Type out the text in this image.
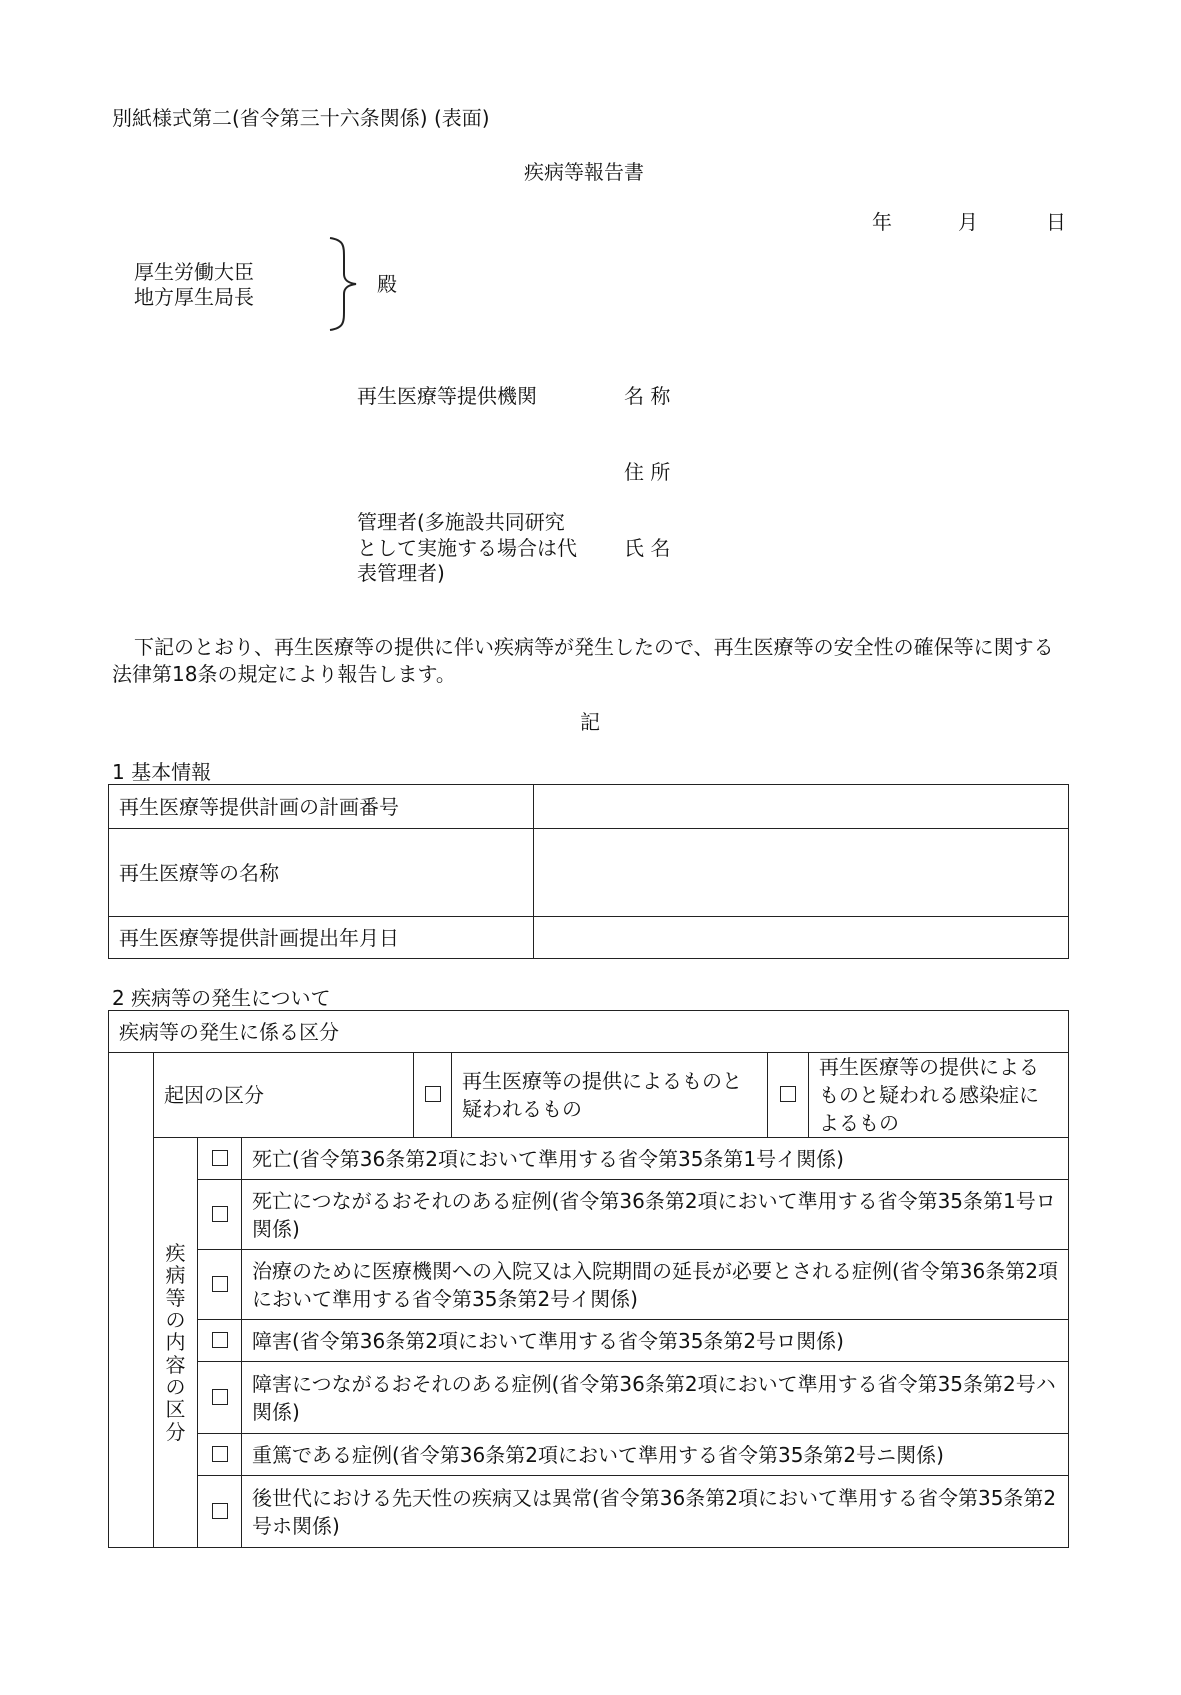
別紙様式第二(省令第三十六条関係) (表面)
疾病等報告書
年	月	日
厚生労働大臣
地方厚生局長
殿
再生医療等提供機関	名 称
住 所
管理者(多施設共同研究
として実施する場合は代
表管理者)
氏 名

下記のとおり、再生医療等の提供に伴い疾病等が発生したので、再生医療等の安全性の確保等に関する法律第18条の規定により報告します。

記
1 基本情報
再生医療等提供計画の計画番号	
再生医療等の名称	
再生医療等提供計画提出年月日	
2 疾病等の発生について
疾病等の発生に係る区分							
	起因の区分				再生医療等の提供によるものと疑われるもの		再生医療等の提供によるものと疑われる感染症によるもの

	疾病等の内容の区分		死亡(省令第36条第2項において準用する省令第35条第1号イ関係)				
			死亡につながるおそれのある症例(省令第36条第2項において準用する省令第35条第1号ロ関係)				
			治療のために医療機関への入院又は入院期間の延長が必要とされる症例(省令第36条第2項において準用する省令第35条第2号イ関係)				
			障害(省令第36条第2項において準用する省令第35条第2号ロ関係)				
			障害につながるおそれのある症例(省令第36条第2項において準用する省令第35条第2号ハ関係)				
			重篤である症例(省令第36条第2項において準用する省令第35条第2号ニ関係)				
			後世代における先天性の疾病又は異常(省令第36条第2項において準用する省令第35条第2号ホ関係)				
